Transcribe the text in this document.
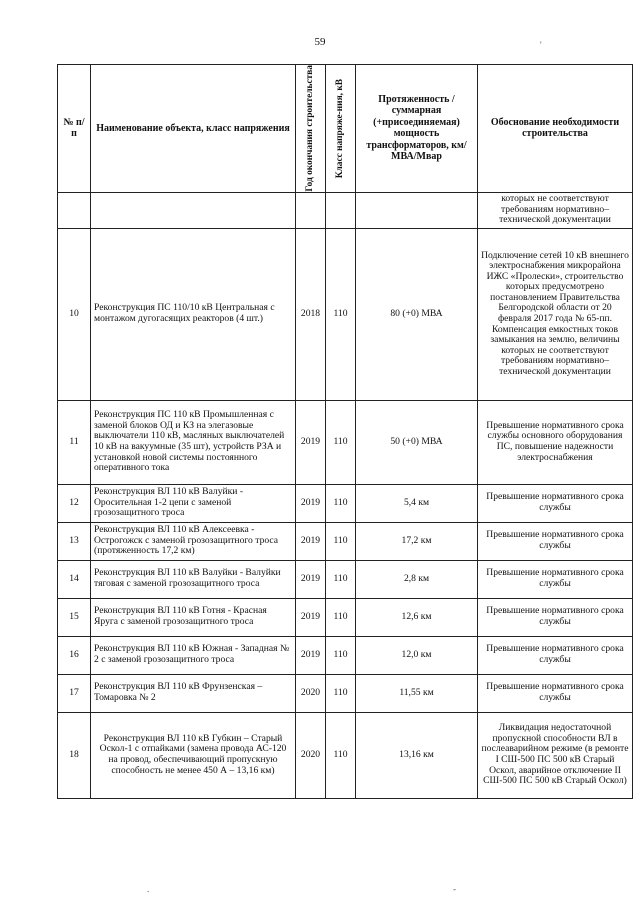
59	'
№ п/п	Наименование объекта, класс напряжения	Год окончания строительства	Класс напряже-ния, кВ	Протяженность / суммарная (+присоединяемая) мощность трансформаторов, км/МВА/Мвар	Обоснование необходимости строительства
					которых не соответствуют требованиям нормативно–технической документации
10	Реконструкция ПС 110/10 кВ Центральная с монтажом дугогасящих реакторов (4 шт.)	2018	110	80 (+0) МВА	Подключение сетей 10 кВ внешнего электроснабжения микрорайона ИЖС «Пролески», строительство которых предусмотрено постановлением Правительства Белгородской области от 20 февраля 2017 года № 65-пп. Компенсация емкостных токов замыкания на землю, величины которых не соответствуют требованиям нормативно–технической документации
11	Реконструкция ПС 110 кВ Промышленная с заменой блоков ОД и КЗ на элегазовые выключатели 110 кВ, масляных выключателей 10 кВ на вакуумные (35 шт), устройств РЗА и установкой новой системы постоянного оперативного тока	2019	110	50 (+0) МВА	Превышение нормативного срока службы основного оборудования ПС, повышение надежности электроснабжения
12	Реконструкция ВЛ 110 кВ Валуйки - Оросительная 1-2 цепи с заменой грозозащитного троса	2019	110	5,4 км	Превышение нормативного срока службы
13	Реконструкция ВЛ 110 кВ Алексеевка - Острогожск с заменой грозозащитного троса (протяженность 17,2 км)	2019	110	17,2 км	Превышение нормативного срока службы
14	Реконструкция ВЛ 110 кВ Валуйки - Валуйки тяговая с заменой грозозащитного троса	2019	110	2,8 км	Превышение нормативного срока службы
15	Реконструкция ВЛ 110 кВ Готня - Красная Яруга с заменой грозозащитного троса	2019	110	12,6 км	Превышение нормативного срока службы
16	Реконструкция ВЛ 110 кВ Южная - Западная № 2 с заменой грозозащитного троса	2019	110	12,0 км	Превышение нормативного срока службы
17	Реконструкция ВЛ 110 кВ Фрунзенская – Томаровка № 2	2020	110	11,55 км	Превышение нормативного срока службы
18	Реконструкция ВЛ 110 кВ Губкин – Старый Оскол-1 с отпайками (замена провода АС-120 на провод, обеспечивающий пропускную способность не менее 450 А – 13,16 км)	2020	110	13,16 км	Ликвидация недостаточной пропускной способности ВЛ в послеаварийном режиме (в ремонте I СШ-500 ПС 500 кВ Старый Оскол, аварийное отключение II СШ-500 ПС 500 кВ Старый Оскол)
.	-
